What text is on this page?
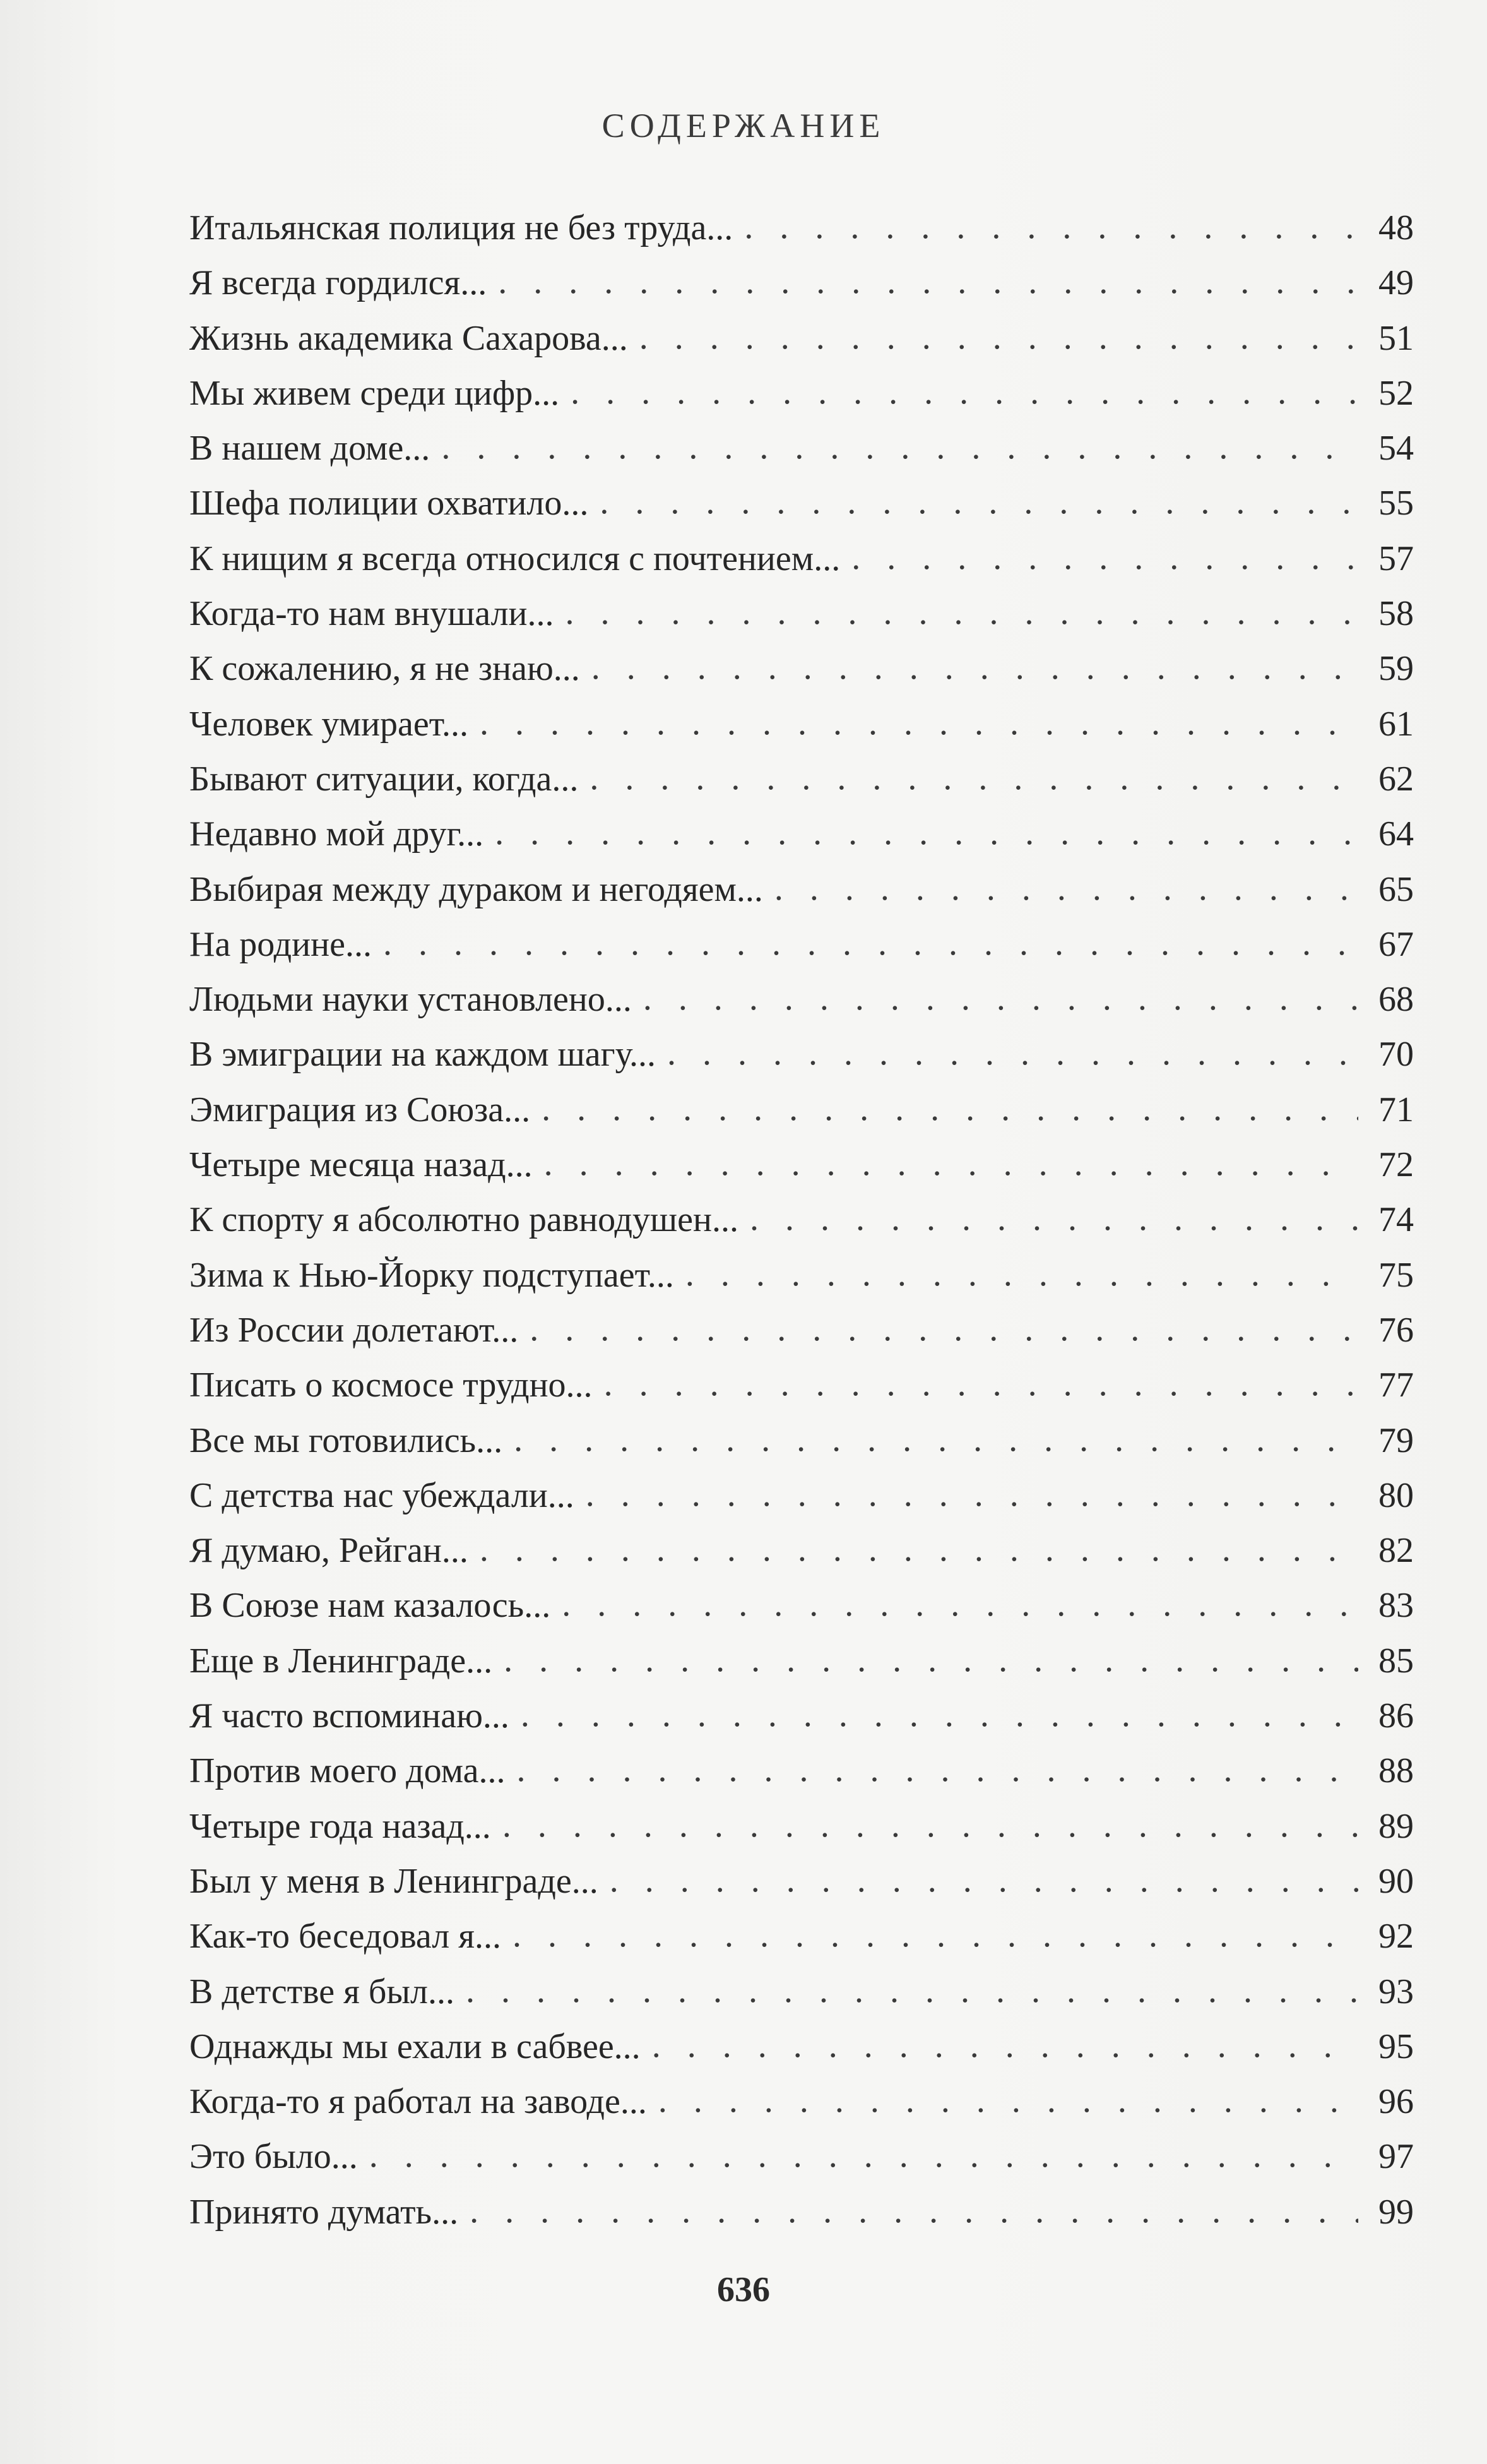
СОДЕРЖАНИЕ
Итальянская полиция не без труда... . . .	48
Я всегда гордился... . . .	49
Жизнь академика Сахарова... . . .	51
Мы живем среди цифр... . . .	52
В нашем доме... . . .	54
Шефа полиции охватило... . . .	55
К нищим я всегда относился с почтением... . . .	57
Когда-то нам внушали... . . .	58
К сожалению, я не знаю... . . .	59
Человек умирает... . . .	61
Бывают ситуации, когда... . . .	62
Недавно мой друг... . . .	64
Выбирая между дураком и негодяем... . . .	65
На родине... . . .	67
Людьми науки установлено... . . .	68
В эмиграции на каждом шагу... . . .	70
Эмиграция из Союза... . . .	71
Четыре месяца назад... . . .	72
К спорту я абсолютно равнодушен... . . .	74
Зима к Нью-Йорку подступает... . . .	75
Из России долетают... . . .	76
Писать о космосе трудно... . . .	77
Все мы готовились... . . .	79
С детства нас убеждали... . . .	80
Я думаю, Рейган... . . .	82
В Союзе нам казалось... . . .	83
Еще в Ленинграде... . . .	85
Я часто вспоминаю... . . .	86
Против моего дома... . . .	88
Четыре года назад... . . .	89
Был у меня в Ленинграде... . . .	90
Как-то беседовал я... . . .	92
В детстве я был... . . .	93
Однажды мы ехали в сабвее... . . .	95
Когда-то я работал на заводе... . . .	96
Это было... . . .	97
Принято думать... . . .	99
636
